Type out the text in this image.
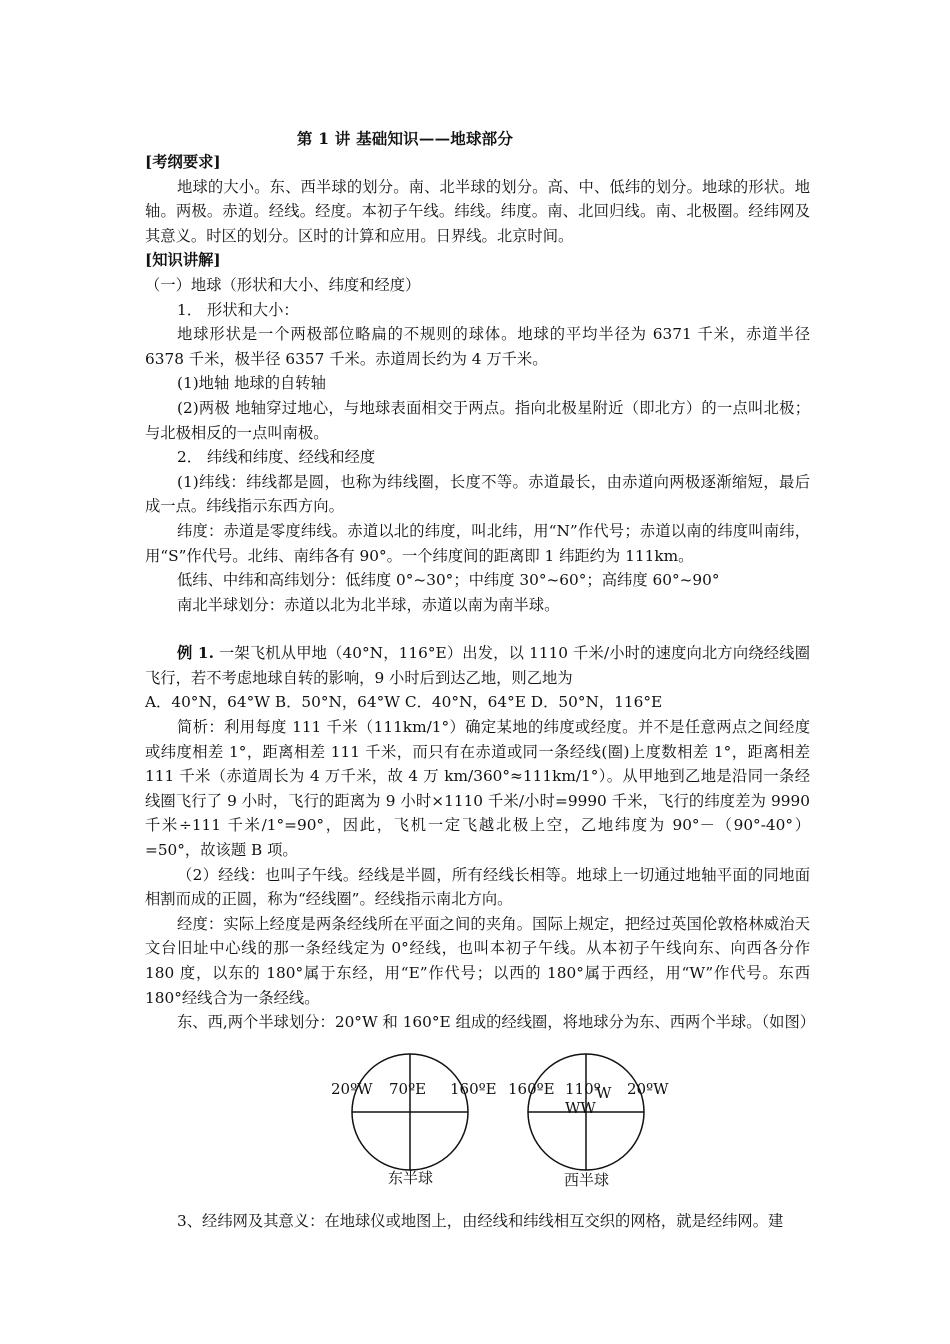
第 1 讲 基础知识——地球部分

[考纲要求]

地球的大小。东、西半球的划分。南、北半球的划分。高、中、低纬的划分。地球的形状。地轴。两极。赤道。经线。经度。本初子午线。纬线。纬度。南、北回归线。南、北极圈。经纬网及其意义。时区的划分。区时的计算和应用。日界线。北京时间。

[知识讲解]

（一）地球（形状和大小、纬度和经度）

1． 形状和大小：

地球形状是一个两极部位略扁的不规则的球体。地球的平均半径为 6371 千米，赤道半径 6378 千米，极半径 6357 千米。赤道周长约为 4 万千米。

(1)地轴 地球的自转轴

(2)两极 地轴穿过地心，与地球表面相交于两点。指向北极星附近（即北方）的一点叫北极；与北极相反的一点叫南极。

2． 纬线和纬度、经线和经度

(1)纬线：纬线都是圆，也称为纬线圈，长度不等。赤道最长，由赤道向两极逐渐缩短，最后成一点。纬线指示东西方向。

纬度：赤道是零度纬线。赤道以北的纬度，叫北纬，用“N”作代号；赤道以南的纬度叫南纬，用“S”作代号。北纬、南纬各有 90°。一个纬度间的距离即 1 纬距约为 111km。

低纬、中纬和高纬划分：低纬度 0°~30°；中纬度 30°~60°；高纬度 60°~90°

南北半球划分：赤道以北为北半球，赤道以南为南半球。

例 1. 一架飞机从甲地（40°N，116°E）出发，以 1110 千米/小时的速度向北方向绕经线圈飞行，若不考虑地球自转的影响，9 小时后到达乙地，则乙地为

A．40°N，64°W B．50°N，64°W C．40°N，64°E D．50°N，116°E

简析：利用每度 111 千米（111km/1°）确定某地的纬度或经度。并不是任意两点之间经度或纬度相差 1°，距离相差 111 千米，而只有在赤道或同一条经线(圈)上度数相差 1°，距离相差 111 千米（赤道周长为 4 万千米，故 4 万 km/360°≈111km/1°）。从甲地到乙地是沿同一条经线圈飞行了 9 小时，飞行的距离为 9 小时×1110 千米/小时=9990 千米，飞行的纬度差为 9990 千米÷111 千米/1°=90°，因此，飞机一定飞越北极上空，乙地纬度为 90°－（90°-40°）=50°，故该题 B 项。

（2）经线：也叫子午线。经线是半圆，所有经线长相等。地球上一切通过地轴平面的同地面相割而成的正圆，称为“经线圈”。经线指示南北方向。

经度：实际上经度是两条经线所在平面之间的夹角。国际上规定，把经过英国伦敦格林威治天文台旧址中心线的那一条经线定为 0°经线，也叫本初子午线。从本初子午线向东、向西各分作 180 度，以东的 180°属于东经，用“E”作代号；以西的 180°属于西经，用“W”作代号。东西 180°经线合为一条经线。

东、西,两个半球划分：20°W 和 160°E 组成的经线圈，将地球分为东、西两个半球。（如图）

20ºW 70ºE 160ºE
东半球
160ºE 110º
W
WW
20ºW
西半球

3、经纬网及其意义：在地球仪或地图上，由经线和纬线相互交织的网格，就是经纬网。建
